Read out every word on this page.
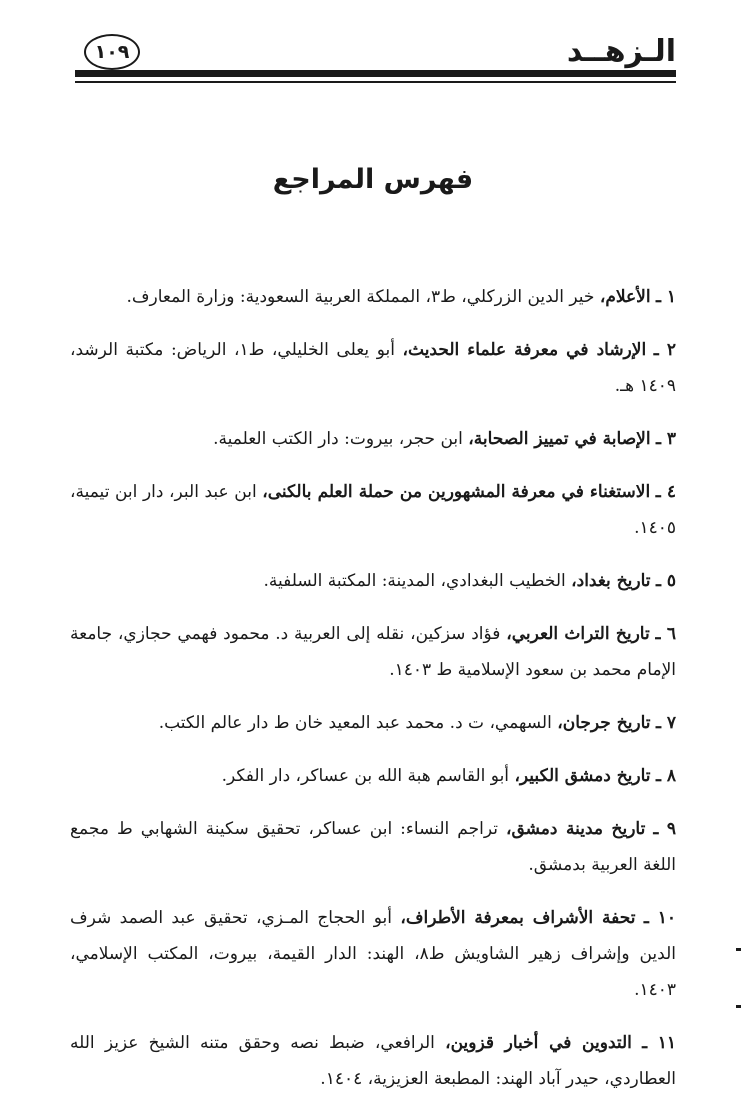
الـزهــد
١٠٩
فهرس المراجع

١ ـ الأعلام، خير الدين الزركلي، ط٣، المملكة العربية السعودية: وزارة المعارف.

٢ ـ الإرشاد في معرفة علماء الحديث، أبو يعلى الخليلي، ط١، الرياض: مكتبة الرشد، ١٤٠٩ هـ.

٣ ـ الإصابة في تمييز الصحابة، ابن حجر، بيروت: دار الكتب العلمية.

٤ ـ الاستغناء في معرفة المشهورين من حملة العلم بالكنى، ابن عبد البر، دار ابن تيمية، ١٤٠٥.

٥ ـ تاريخ بغداد، الخطيب البغدادي، المدينة: المكتبة السلفية.

٦ ـ تاريخ التراث العربي، فؤاد سزكين، نقله إلى العربية د. محمود فهمي حجازي، جامعة الإمام محمد بن سعود الإسلامية ط ١٤٠٣.

٧ ـ تاريخ جرجان، السهمي، ت د. محمد عبد المعيد خان ط دار عالم الكتب.

٨ ـ تاريخ دمشق الكبير، أبو القاسم هبة الله بن عساكر، دار الفكر.

٩ ـ تاريخ مدينة دمشق، تراجم النساء: ابن عساكر، تحقيق سكينة الشهابي ط مجمع اللغة العربية بدمشق.

١٠ ـ تحفة الأشراف بمعرفة الأطراف، أبو الحجاج المـزي، تحقيق عبد الصمد شرف الدين وإشراف زهير الشاويش ط٨، الهند: الدار القيمة، بيروت، المكتب الإسلامي، ١٤٠٣.

١١ ـ التدوين في أخبار قزوين، الرافعي، ضبط نصه وحقق متنه الشيخ عزيز الله العطاردي، حيدر آباد الهند: المطبعة العزيزية، ١٤٠٤.
